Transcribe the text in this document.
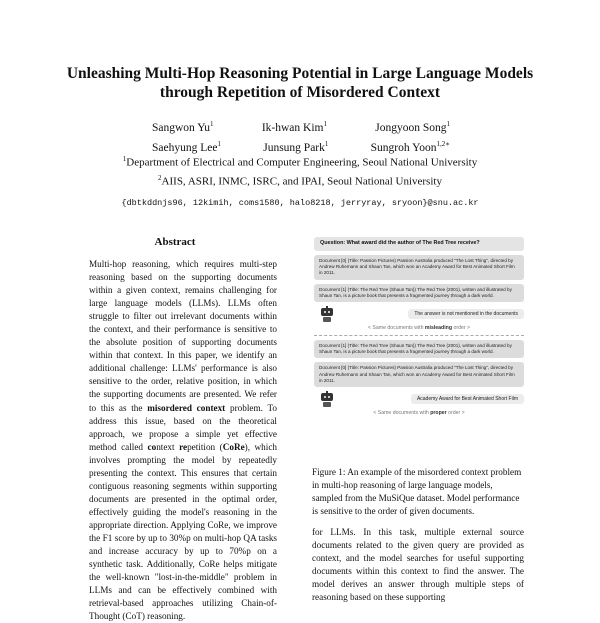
Unleashing Multi-Hop Reasoning Potential in Large Language Models
through Repetition of Misordered Context
Sangwon Yu$^1$	Ik-hwan Kim$^1$	Jongyoon Song$^1$
Saehyung Lee$^1$	Junsung Park$^1$	Sungroh Yoon$^{1,2∗}$
$^1$Department of Electrical and Computer Engineering, Seoul National University
$^2$AIIS, ASRI, INMC, ISRC, and IPAI, Seoul National University
{dbtkddnjs96, 12kimih, coms1580, halo8218, jerryray, sryoon}@snu.ac.kr
Abstract

Multi-hop reasoning, which requires multi-step reasoning based on the supporting documents within a given context, remains challenging for large language models (LLMs). LLMs often struggle to filter out irrelevant documents within the context, and their performance is sensitive to the absolute position of supporting documents within that context. In this paper, we identify an additional challenge: LLMs' performance is also sensitive to the order, relative position, in which the supporting documents are presented. We refer to this as the misordered context problem. To address this issue, based on the theoretical approach, we propose a simple yet effective method called context repetition (CoRe), which involves prompting the model by repeatedly presenting the context. This ensures that certain contiguous reasoning segments within supporting documents are presented in the optimal order, effectively guiding the model's reasoning in the appropriate direction. Applying CoRe, we improve the F1 score by up to 30%p on multi-hop QA tasks and increase accuracy by up to 70%p on a synthetic task. Additionally, CoRe helps mitigate the well-known "lost-in-the-middle" problem in LLMs and can be effectively combined with retrieval-based approaches utilizing Chain-of-Thought (CoT) reasoning.

Question: What award did the author of The Red Tree receive?
Document [0] (Title: Passion Pictures) Passion Australia produced "The Lost Thing", directed by Andrew Ruhemann and Shaun Tan, which won an Academy Award for Best Animated Short Film in 2011.
Document [1] (Title: The Red Tree (Shaun Tan)) The Red Tree (2001), written and illustrated by Shaun Tan, is a picture book that presents a fragmented journey through a dark world.
The answer is not mentioned in the documents
< Same documents with misleading order >
Document [1] (Title: The Red Tree (Shaun Tan)) The Red Tree (2001), written and illustrated by Shaun Tan, is a picture book that presents a fragmented journey through a dark world.
Document [0] (Title: Passion Pictures) Passion Australia produced "The Lost Thing", directed by Andrew Ruhemann and Shaun Tan, which won an Academy Award for Best Animated Short Film in 2011.
Academy Award for Best Animated Short Film
< Same documents with proper order >
Figure 1: An example of the misordered context problem in multi-hop reasoning of large language models, sampled from the MuSiQue dataset. Model performance is sensitive to the order of given documents.

for LLMs. In this task, multiple external source documents related to the given query are provided as context, and the model searches for useful supporting documents within this context to find the answer. The model derives an answer through multiple steps of reasoning based on these supporting
